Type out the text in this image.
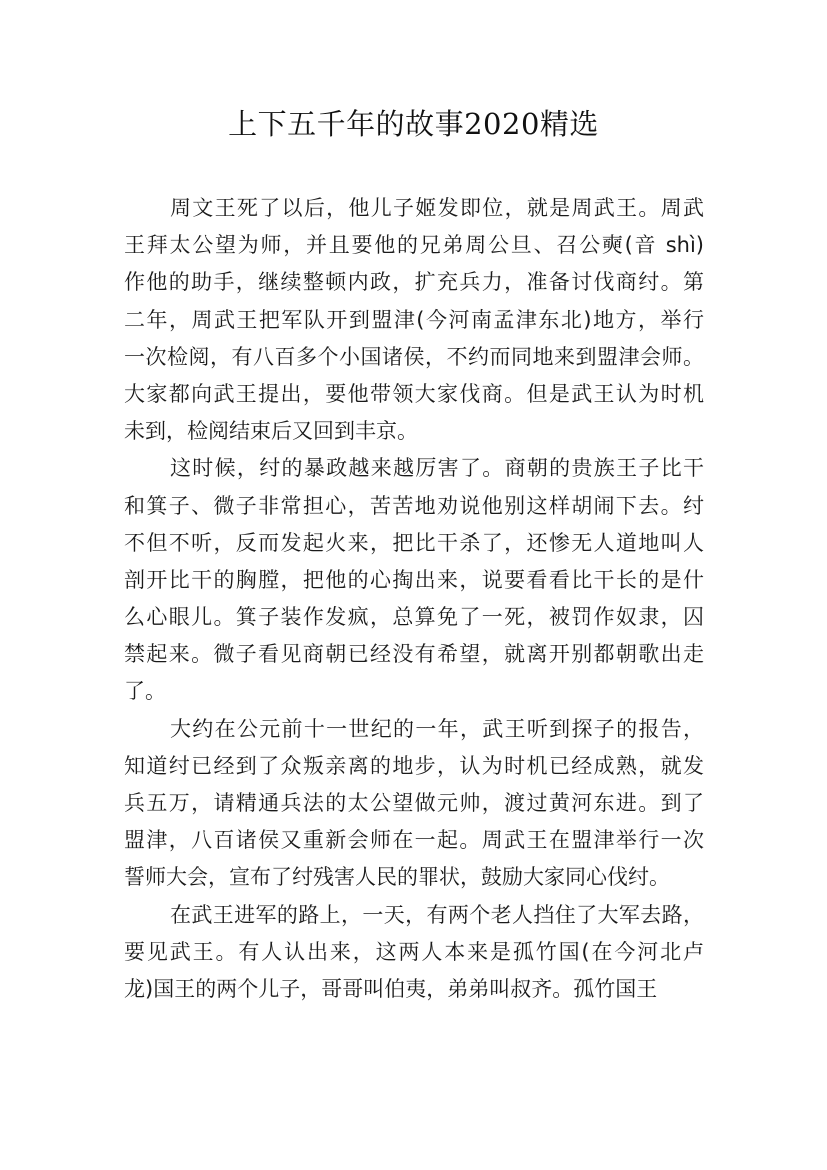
上下五千年的故事2020精选
周文王死了以后，他儿子姬发即位，就是周武王。周武
王拜太公望为师，并且要他的兄弟周公旦、召公奭(音 shì)
作他的助手，继续整顿内政，扩充兵力，准备讨伐商纣。第
二年，周武王把军队开到盟津(今河南孟津东北)地方，举行
一次检阅，有八百多个小国诸侯，不约而同地来到盟津会师。
大家都向武王提出，要他带领大家伐商。但是武王认为时机
未到，检阅结束后又回到丰京。
这时候，纣的暴政越来越厉害了。商朝的贵族王子比干
和箕子、微子非常担心，苦苦地劝说他别这样胡闹下去。纣
不但不听，反而发起火来，把比干杀了，还惨无人道地叫人
剖开比干的胸膛，把他的心掏出来，说要看看比干长的是什
么心眼儿。箕子装作发疯，总算免了一死，被罚作奴隶，囚
禁起来。微子看见商朝已经没有希望，就离开别都朝歌出走
了。
大约在公元前十一世纪的一年，武王听到探子的报告，
知道纣已经到了众叛亲离的地步，认为时机已经成熟，就发
兵五万，请精通兵法的太公望做元帅，渡过黄河东进。到了
盟津，八百诸侯又重新会师在一起。周武王在盟津举行一次
誓师大会，宣布了纣残害人民的罪状，鼓励大家同心伐纣。
在武王进军的路上，一天，有两个老人挡住了大军去路，
要见武王。有人认出来，这两人本来是孤竹国(在今河北卢
龙)国王的两个儿子，哥哥叫伯夷，弟弟叫叔齐。孤竹国王
